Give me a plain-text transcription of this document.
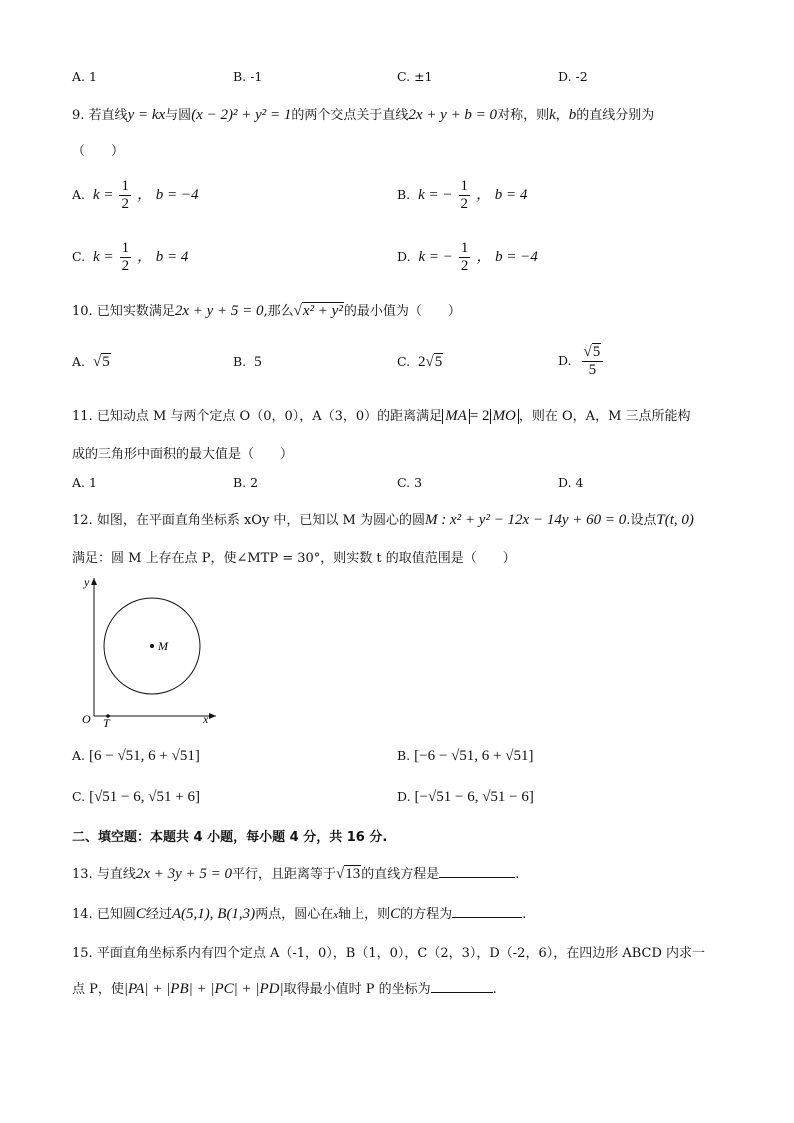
A. 1	B. -1	C. ±1	D. -2
9. 若直线y = kx与圆(x − 2)² + y² = 1的两个交点关于直线2x + y + b = 0对称，则k，b的直线分别为
（　　）
A. $k = \frac{1}{2}$ ， b = −4	B. k = − $\frac{1}{2}$ ， b = 4
C. $k = \frac{1}{2}$ ， b = 4	D. k = − $\frac{1}{2}$ ， b = −4
10. 已知实数满足2x + y + 5 = 0,那么√x² + y²的最小值为（　　）
A. √5	B. 5	C. 2√5	D. $\frac{√5}{5}$
11. 已知动点 M 与两个定点 O（0，0），A（3，0）的距离满足 MA = 2 MO ，则在 O，A，M 三点所能构
成的三角形中面积的最大值是（　　）
A. 1	B. 2	C. 3	D. 4
12. 如图，在平面直角坐标系 xOy 中，已知以 M 为圆心的圆M : x² + y² − 12x − 14y + 60 = 0.设点T(t, 0)
满足：圆 M 上存在点 P，使∠MTP = 30°，则实数 t 的取值范围是（　　）
y
x
O T
M
A. [6 − √51, 6 + √51]	B. [−6 − √51, 6 + √51]
C. [√51 − 6, √51 + 6]	D. [−√51 − 6, √51 − 6]
二、填空题：本题共 4 小题，每小题 4 分，共 16 分.
13. 与直线2x + 3y + 5 = 0平行，且距离等于√13的直线方程是	.
14. 已知圆C经过A(5,1), B(1,3)两点，圆心在x轴上，则C的方程为	.
15. 平面直角坐标系内有四个定点 A（-1，0），B（1，0），C（2，3），D（-2，6），在四边形 ABCD 内求一
点 P，使|PA| + |PB| + |PC| + |PD|取得最小值时 P 的坐标为	.
